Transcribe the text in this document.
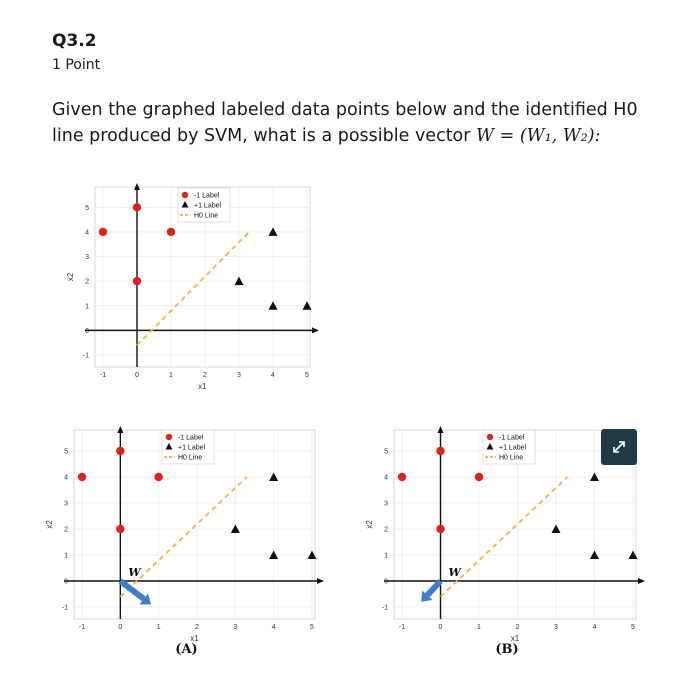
Q3.2
1 Point
Given the graphed labeled data points below and the identified H0 line produced by SVM, what is a possible vector W = (W₁, W₂):
-1	0	1	2	3	4	5
-1
0
1
2
3
4
5
x1
x2
-1 Label
+1 Label
H0 Line
-1	0	1	2	3	4	5
-1
0
1
2
3
4
5
x1
x2
W
-1 Label
+1 Label
H0 Line
(A)
-1	0	1	2	3	4	5
-1
0
1
2
3
4
5
x1
x2
W
-1 Label
+1 Label
H0 Line
(B)
